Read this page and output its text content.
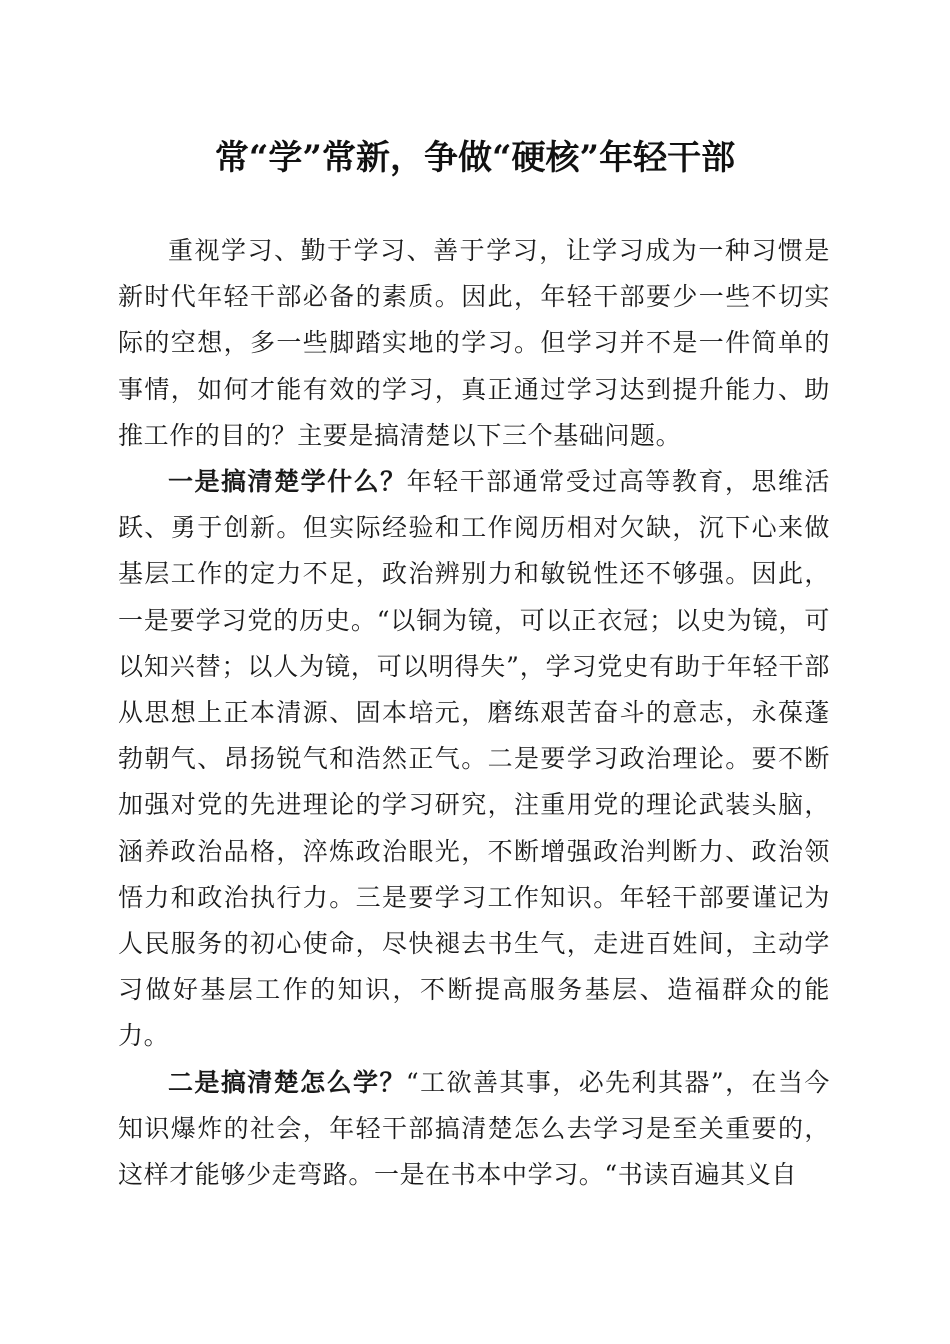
常“学”常新，争做“硬核”年轻干部

重视学习、勤于学习、善于学习，让学习成为一种习惯是新时代年轻干部必备的素质。因此，年轻干部要少一些不切实际的空想，多一些脚踏实地的学习。但学习并不是一件简单的事情，如何才能有效的学习，真正通过学习达到提升能力、助推工作的目的？主要是搞清楚以下三个基础问题。

一是搞清楚学什么？年轻干部通常受过高等教育，思维活跃、勇于创新。但实际经验和工作阅历相对欠缺，沉下心来做基层工作的定力不足，政治辨别力和敏锐性还不够强。因此，一是要学习党的历史。“以铜为镜，可以正衣冠；以史为镜，可以知兴替；以人为镜，可以明得失”，学习党史有助于年轻干部从思想上正本清源、固本培元，磨练艰苦奋斗的意志，永葆蓬勃朝气、昂扬锐气和浩然正气。二是要学习政治理论。要不断加强对党的先进理论的学习研究，注重用党的理论武装头脑，涵养政治品格，淬炼政治眼光，不断增强政治判断力、政治领悟力和政治执行力。三是要学习工作知识。年轻干部要谨记为人民服务的初心使命，尽快褪去书生气，走进百姓间，主动学习做好基层工作的知识，不断提高服务基层、造福群众的能力。

二是搞清楚怎么学？“工欲善其事，必先利其器”，在当今知识爆炸的社会，年轻干部搞清楚怎么去学习是至关重要的，这样才能够少走弯路。一是在书本中学习。“书读百遍其义自
